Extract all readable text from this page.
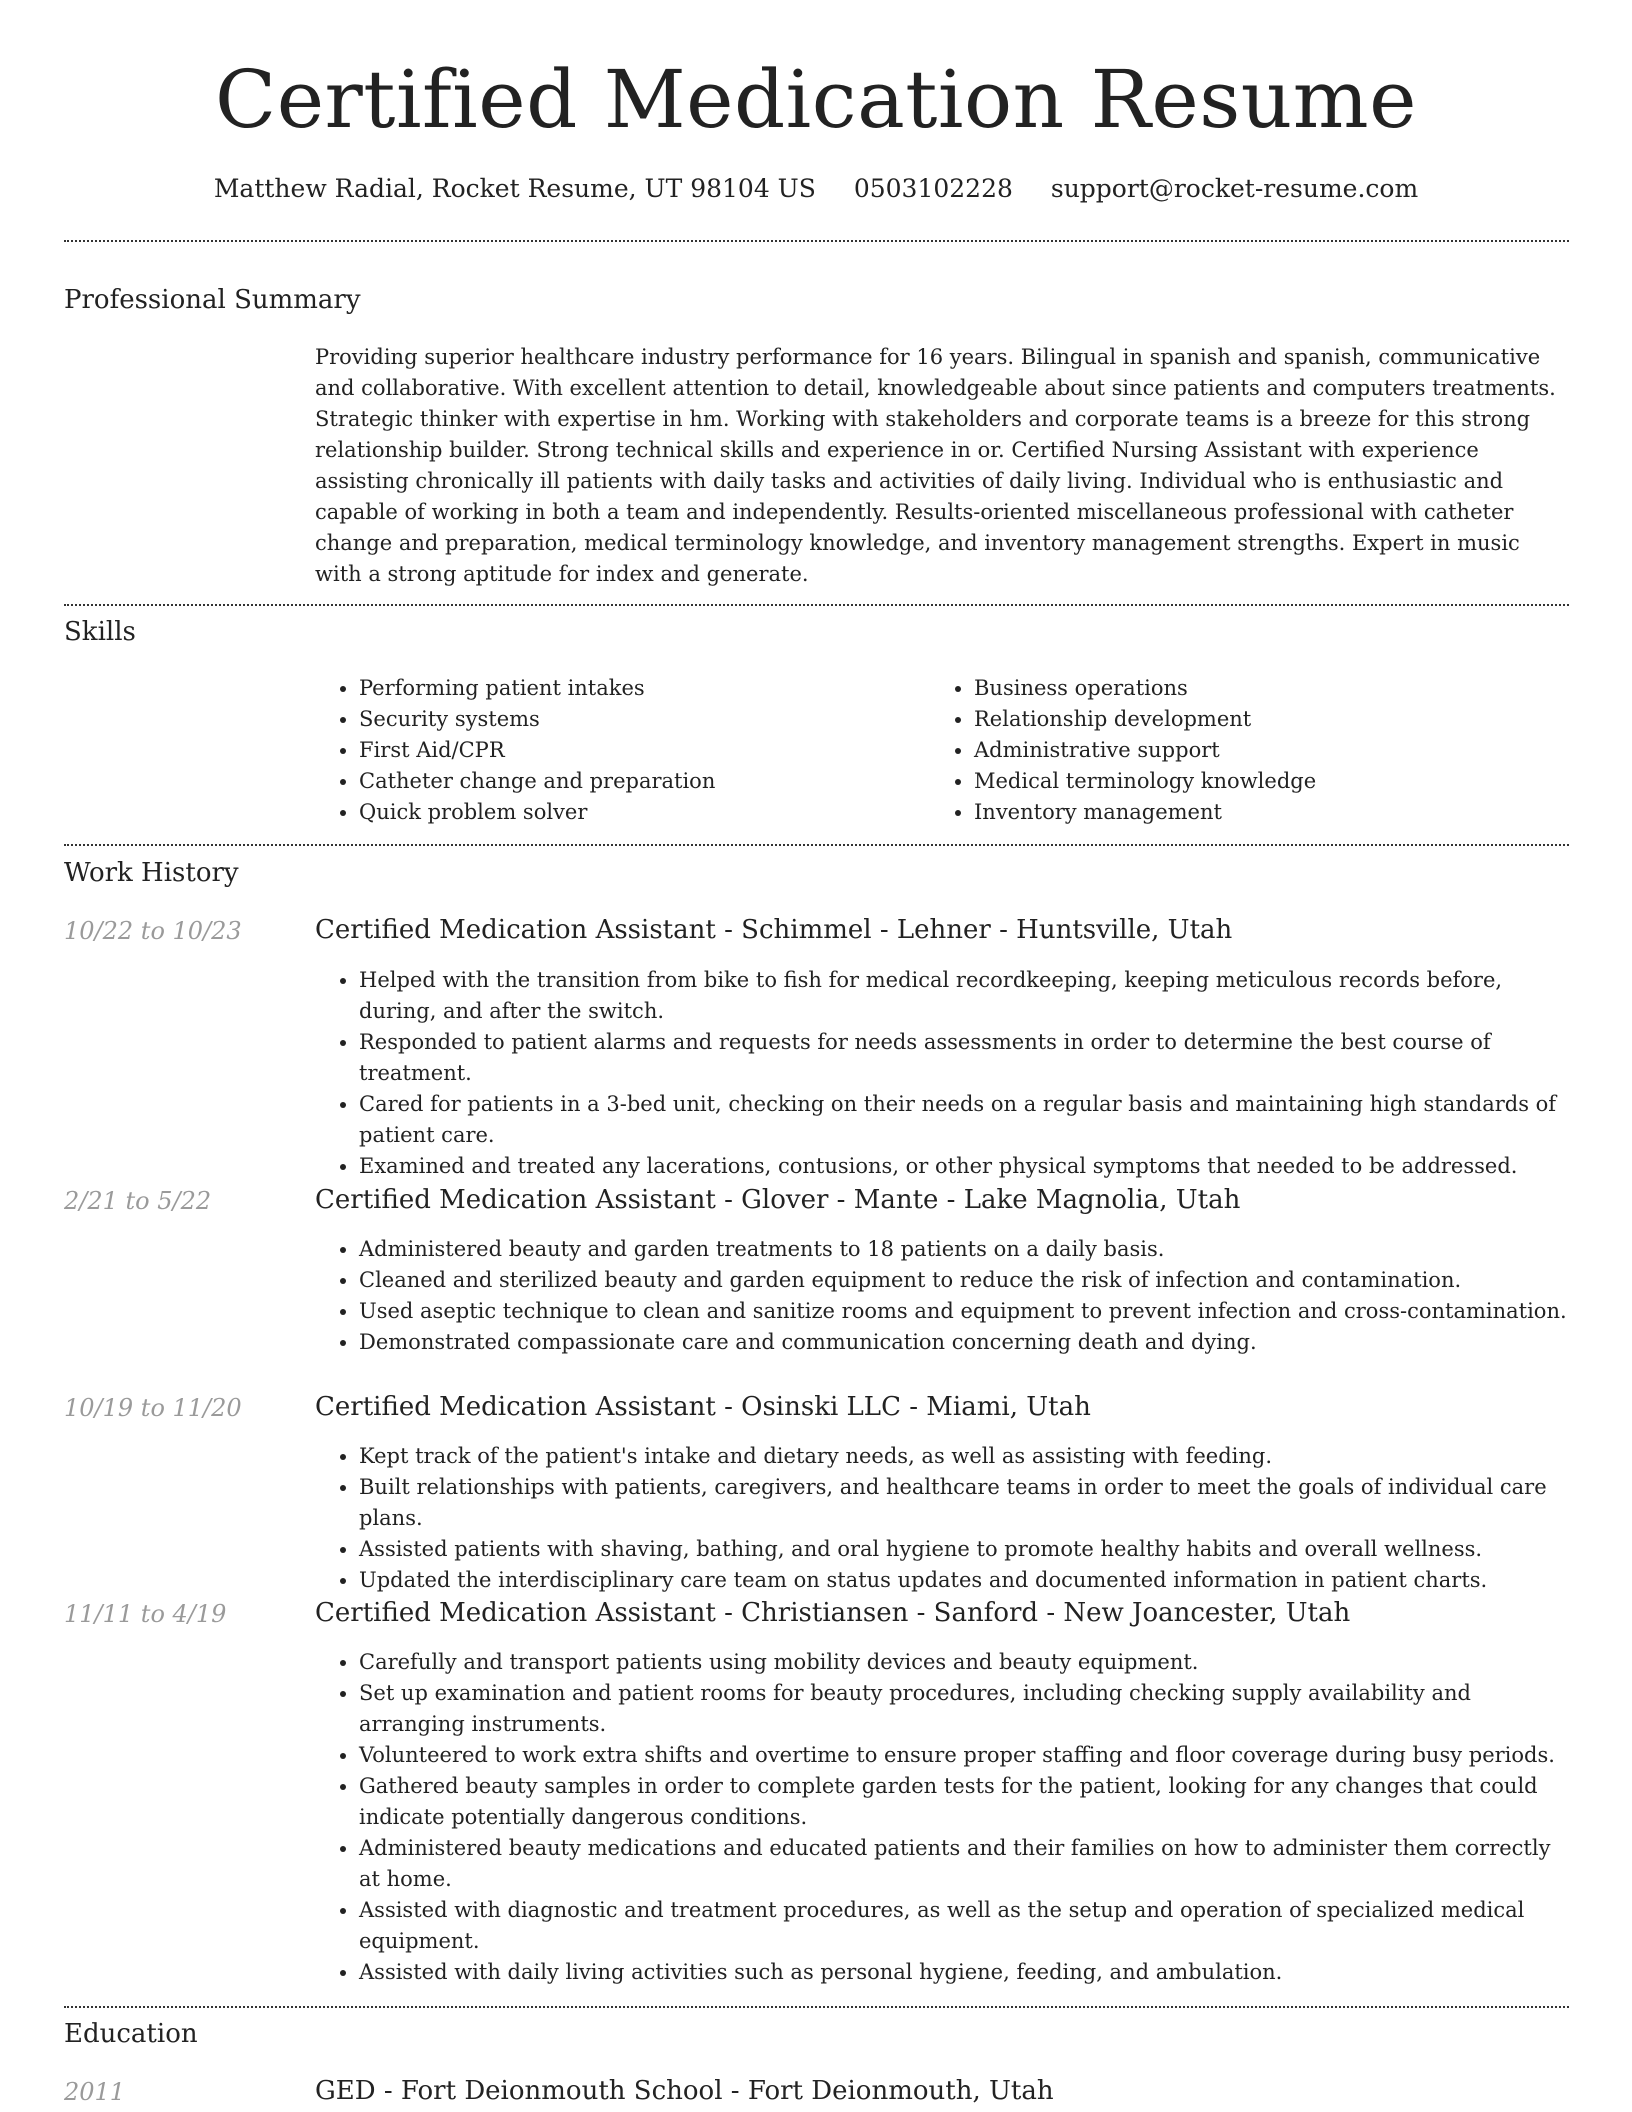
Certified Medication Resume
Matthew Radial, Rocket Resume, UT 98104 US 0503102228 support@rocket-resume.com
Professional Summary

Providing superior healthcare industry performance for 16 years. Bilingual in spanish and spanish, communicative and collaborative. With excellent attention to detail, knowledgeable about since patients and computers treatments. Strategic thinker with expertise in hm. Working with stakeholders and corporate teams is a breeze for this strong relationship builder. Strong technical skills and experience in or. Certified Nursing Assistant with experience assisting chronically ill patients with daily tasks and activities of daily living. Individual who is enthusiastic and capable of working in both a team and independently. Results-oriented miscellaneous professional with catheter change and preparation, medical terminology knowledge, and inventory management strengths. Expert in music with a strong aptitude for index and generate.

Skills
• Performing patient intakes
• Security systems
• First Aid/CPR
• Catheter change and preparation
• Quick problem solver
• Business operations
• Relationship development
• Administrative support
• Medical terminology knowledge
• Inventory management
Work History
10/22 to 10/23	Certified Medication Assistant - Schimmel - Lehner - Huntsville, Utah
• Helped with the transition from bike to fish for medical recordkeeping, keeping meticulous records before, during, and after the switch.
• Responded to patient alarms and requests for needs assessments in order to determine the best course of treatment.
• Cared for patients in a 3-bed unit, checking on their needs on a regular basis and maintaining high standards of patient care.
• Examined and treated any lacerations, contusions, or other physical symptoms that needed to be addressed.
2/21 to 5/22	Certified Medication Assistant - Glover - Mante - Lake Magnolia, Utah
• Administered beauty and garden treatments to 18 patients on a daily basis.
• Cleaned and sterilized beauty and garden equipment to reduce the risk of infection and contamination.
• Used aseptic technique to clean and sanitize rooms and equipment to prevent infection and cross-contamination.
• Demonstrated compassionate care and communication concerning death and dying.
10/19 to 11/20	Certified Medication Assistant - Osinski LLC - Miami, Utah
• Kept track of the patient's intake and dietary needs, as well as assisting with feeding.
• Built relationships with patients, caregivers, and healthcare teams in order to meet the goals of individual care plans.
• Assisted patients with shaving, bathing, and oral hygiene to promote healthy habits and overall wellness.
• Updated the interdisciplinary care team on status updates and documented information in patient charts.
11/11 to 4/19	Certified Medication Assistant - Christiansen - Sanford - New Joancester, Utah
• Carefully and transport patients using mobility devices and beauty equipment.
• Set up examination and patient rooms for beauty procedures, including checking supply availability and arranging instruments.
• Volunteered to work extra shifts and overtime to ensure proper staffing and floor coverage during busy periods.
• Gathered beauty samples in order to complete garden tests for the patient, looking for any changes that could indicate potentially dangerous conditions.
• Administered beauty medications and educated patients and their families on how to administer them correctly at home.
• Assisted with diagnostic and treatment procedures, as well as the setup and operation of specialized medical equipment.
• Assisted with daily living activities such as personal hygiene, feeding, and ambulation.
Education
2011	GED - Fort Deionmouth School - Fort Deionmouth, Utah
